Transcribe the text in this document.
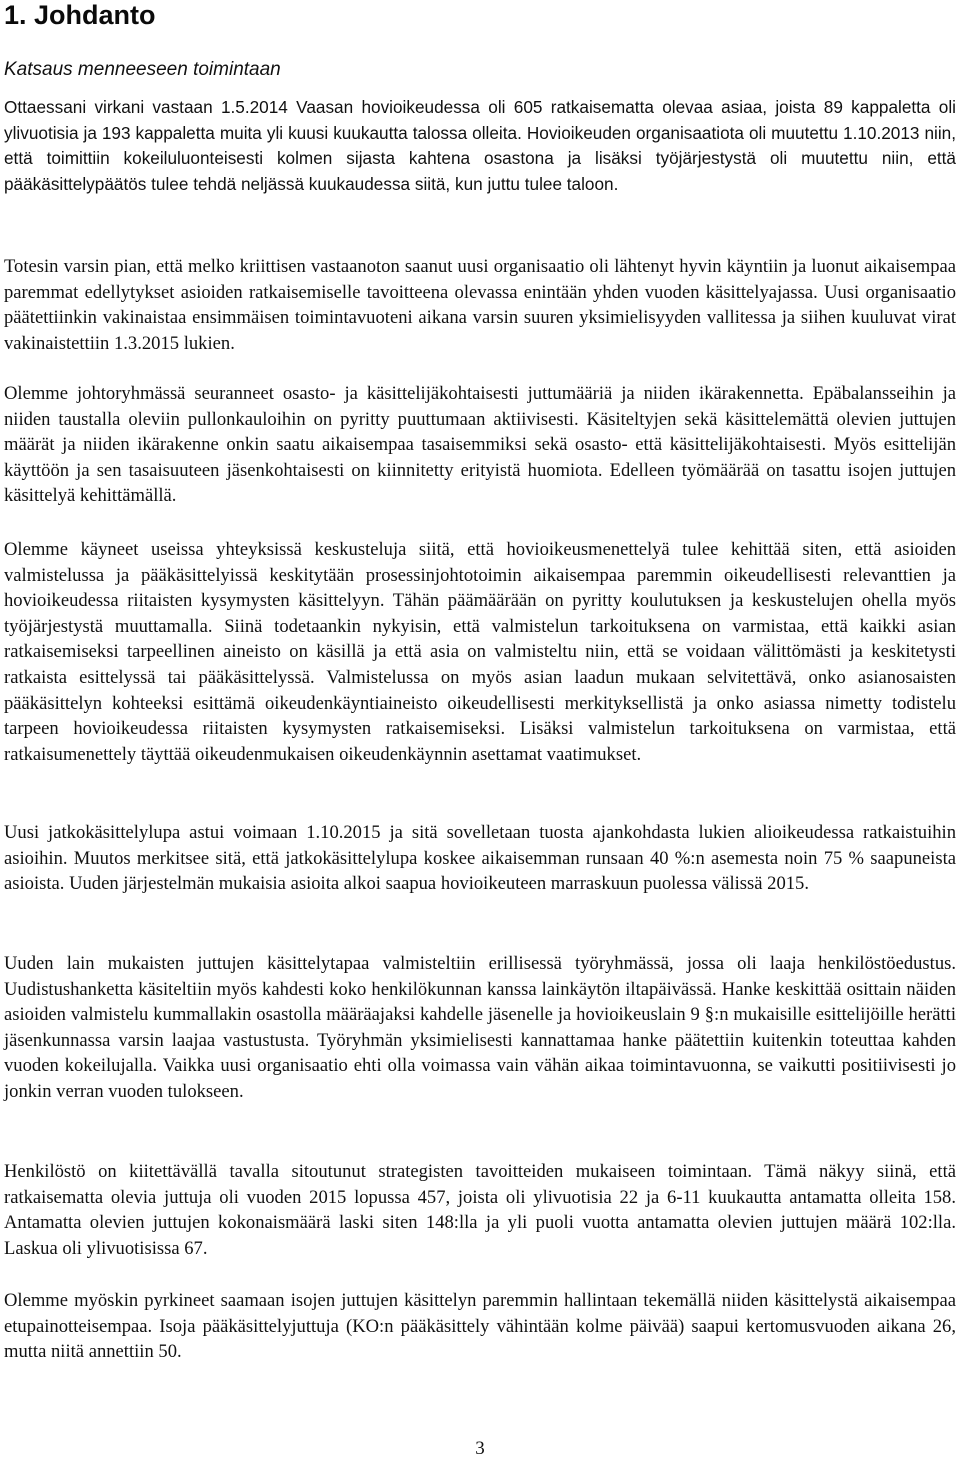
1. Johdanto

Katsaus menneeseen toimintaan

Ottaessani virkani vastaan 1.5.2014 Vaasan hovioikeudessa oli 605 ratkaisematta olevaa asiaa, joista 89 kappaletta oli ylivuotisia ja 193 kappaletta muita yli kuusi kuukautta talossa olleita. Hovioikeuden organisaatiota oli muutettu 1.10.2013 niin, että toimittiin kokeiluluonteisesti kolmen sijasta kahtena osastona ja lisäksi työjärjestystä oli muutettu niin, että pääkäsittelypäätös tulee tehdä neljässä kuukaudessa siitä, kun juttu tulee taloon.

Totesin varsin pian, että melko kriittisen vastaanoton saanut uusi organisaatio oli lähtenyt hyvin käyntiin ja luonut aikaisempaa paremmat edellytykset asioiden ratkaisemiselle tavoitteena olevassa enintään yhden vuoden käsittelyajassa. Uusi organisaatio päätettiinkin vakinaistaa ensimmäisen toimintavuoteni aikana varsin suuren yksimielisyyden vallitessa ja siihen kuuluvat virat vakinaistettiin 1.3.2015 lukien.

Olemme johtoryhmässä seuranneet osasto- ja käsittelijäkohtaisesti juttumääriä ja niiden ikärakennetta. Epäbalansseihin ja niiden taustalla oleviin pullonkauloihin on pyritty puuttumaan aktiivisesti. Käsiteltyjen sekä käsittelemättä olevien juttujen määrät ja niiden ikärakenne onkin saatu aikaisempaa tasaisemmiksi sekä osasto- että käsittelijäkohtaisesti. Myös esittelijän käyttöön ja sen tasaisuuteen jäsenkohtaisesti on kiinnitetty erityistä huomiota. Edelleen työmäärää on tasattu isojen juttujen käsittelyä kehittämällä.

Olemme käyneet useissa yhteyksissä keskusteluja siitä, että hovioikeusmenettelyä tulee kehittää siten, että asioiden valmistelussa ja pääkäsittelyissä keskitytään prosessinjohtotoimin aikaisempaa paremmin oikeudellisesti relevanttien ja hovioikeudessa riitaisten kysymysten käsittelyyn. Tähän päämäärään on pyritty koulutuksen ja keskustelujen ohella myös työjärjestystä muuttamalla. Siinä todetaankin nykyisin, että valmistelun tarkoituksena on varmistaa, että kaikki asian ratkaisemiseksi tarpeellinen aineisto on käsillä ja että asia on valmisteltu niin, että se voidaan välittömästi ja keskitetysti ratkaista esittelyssä tai pääkäsittelyssä. Valmistelussa on myös asian laadun mukaan selvitettävä, onko asianosaisten pääkäsittelyn kohteeksi esittämä oikeudenkäyntiaineisto oikeudellisesti merkityksellistä ja onko asiassa nimetty todistelu tarpeen hovioikeudessa riitaisten kysymysten ratkaisemiseksi. Lisäksi valmistelun tarkoituksena on varmistaa, että ratkaisumenettely täyttää oikeudenmukaisen oikeudenkäynnin asettamat vaatimukset.

Uusi jatkokäsittelylupa astui voimaan 1.10.2015 ja sitä sovelletaan tuosta ajankohdasta lukien alioikeudessa ratkaistuihin asioihin. Muutos merkitsee sitä, että jatkokäsittelylupa koskee aikaisemman runsaan 40 %:n asemesta noin 75 % saapuneista asioista. Uuden järjestelmän mukaisia asioita alkoi saapua hovioikeuteen marraskuun puolessa välissä 2015.

Uuden lain mukaisten juttujen käsittelytapaa valmisteltiin erillisessä työryhmässä, jossa oli laaja henkilöstöedustus. Uudistushanketta käsiteltiin myös kahdesti koko henkilökunnan kanssa lainkäytön iltapäivässä. Hanke keskittää osittain näiden asioiden valmistelu kummallakin osastolla määräajaksi kahdelle jäsenelle ja hovioikeuslain 9 §:n mukaisille esittelijöille herätti jäsenkunnassa varsin laajaa vastustusta. Työryhmän yksimielisesti kannattamaa hanke päätettiin kuitenkin toteuttaa kahden vuoden kokeilujalla. Vaikka uusi organisaatio ehti olla voimassa vain vähän aikaa toimintavuonna, se vaikutti positiivisesti jo jonkin verran vuoden tulokseen.

Henkilöstö on kiitettävällä tavalla sitoutunut strategisten tavoitteiden mukaiseen toimintaan. Tämä näkyy siinä, että ratkaisematta olevia juttuja oli vuoden 2015 lopussa 457, joista oli ylivuotisia 22 ja 6-11 kuukautta antamatta olleita 158. Antamatta olevien juttujen kokonaismäärä laski siten 148:lla ja yli puoli vuotta antamatta olevien juttujen määrä 102:lla. Laskua oli ylivuotisissa 67.

Olemme myöskin pyrkineet saamaan isojen juttujen käsittelyn paremmin hallintaan tekemällä niiden käsittelystä aikaisempaa etupainotteisempaa. Isoja pääkäsittelyjuttuja (KO:n pääkäsittely vähintään kolme päivää) saapui kertomusvuoden aikana 26, mutta niitä annettiin 50.

3
